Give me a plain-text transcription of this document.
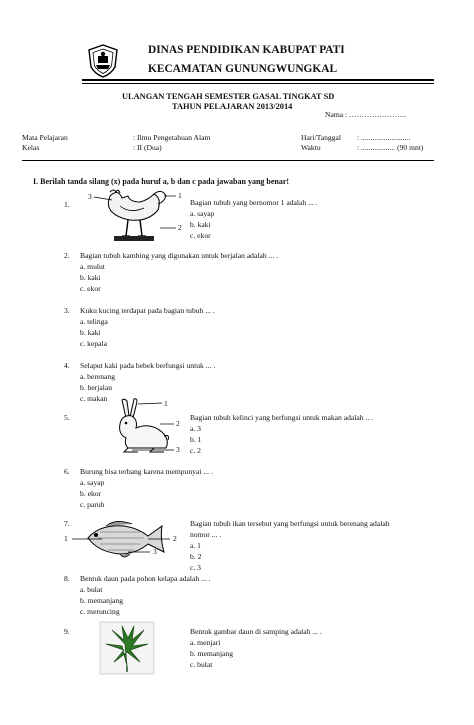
DINAS PENDIDIKAN KABUPAT PATI
KECAMATAN GUNUNGWUNGKAL
ULANGAN TENGAH SEMESTER GASAL TINGKAT SD
TAHUN PELAJARAN 2013/2014
Nama : …………………..
Mata Pelajaran	: Ilmu Pengetahuan Alam
Kelas	: II (Dua)
Hari/Tanggal : ..........................
Waktu	: .................. (90 mnt)
I. Berilah tanda silang (x) pada huruf a, b dan c pada jawaban yang benar!
1.	Bagian tubuh yang bernomor 1 adalah ... .
a. sayap
b. kaki
c. ekor
3	1
2
2. Bagian tubuh kambing yang digunakan untuk berjalan adalah ... .
a. mulut
b. kaki
c. ekor
3. Kuku kucing terdapat pada bagian tubuh ... .
a. telinga
b. kaki
c. kepala
4. Selaput kaki pada bebek berfungsi untuk ... .
a. berenang
b. berjalan
c. makan
5.	Bagian tubuh kelinci yang berfungsi untuk makan adalah .. .
a. 3
b. 1
c. 2
1
2
3
6. Burung bisa terbang karena mempunyai ... .
a. sayap
b. ekor
c. paruh
7.	Bagian tubuh ikan tersebut yang berfungsi untuk berenang adalah
nomor ... .
a. 1
b. 2
c. 3
1	2
3
8. Bentuk daun pada pohon kelapa adalah ... .
a. bulat
b. memanjang
c. meruncing
9.	Bentuk gambar daun di samping adalah ... .
a. menjari
b. memanjang
c. bulat
